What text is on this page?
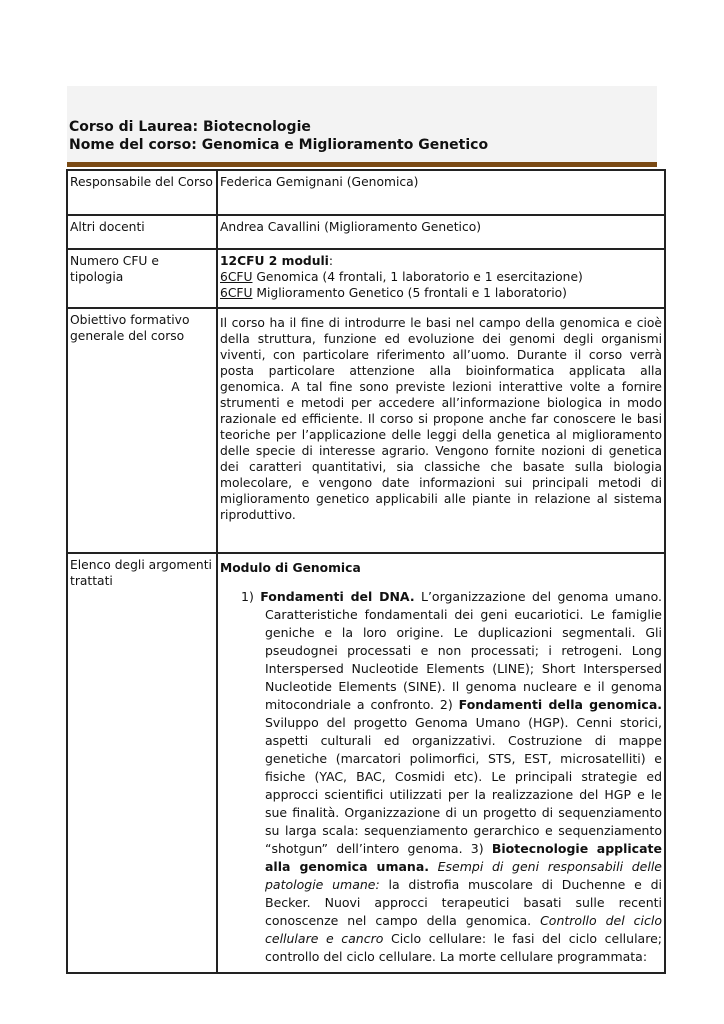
Corso di Laurea: Biotecnologie
Nome del corso: Genomica e Miglioramento Genetico
Responsabile del Corso	Federica Gemignani (Genomica)
Altri docenti	Andrea Cavallini (Miglioramento Genetico)
Numero CFU e tipologia	12CFU 2 moduli:
6CFU Genomica (4 frontali, 1 laboratorio e 1 esercitazione)
6CFU Miglioramento Genetico (5 frontali e 1 laboratorio)

Obiettivo formativo generale del corso	Il corso ha il fine di introdurre le basi nel campo della genomica e cioè della struttura, funzione ed evoluzione dei genomi degli organismi viventi, con particolare riferimento all’uomo. Durante il corso verrà posta particolare attenzione alla bioinformatica applicata alla genomica. A tal fine sono previste lezioni interattive volte a fornire strumenti e metodi per accedere all’informazione biologica in modo razionale ed efficiente. Il corso si propone anche far conoscere le basi teoriche per l’applicazione delle leggi della genetica al miglioramento delle specie di interesse agrario. Vengono fornite nozioni di genetica dei caratteri quantitativi, sia classiche che basate sulla biologia molecolare, e vengono date informazioni sui principali metodi di miglioramento genetico applicabili alle piante in relazione al sistema riproduttivo.
Elenco degli argomenti trattati	Modulo di Genomica
1) Fondamenti del DNA. L’organizzazione del genoma umano. Caratteristiche fondamentali dei geni eucariotici. Le famiglie geniche e la loro origine. Le duplicazioni segmentali. Gli pseudognei processati e non processati; i retrogeni. Long Interspersed Nucleotide Elements (LINE); Short Interspersed Nucleotide Elements (SINE). Il genoma nucleare e il genoma mitocondriale a confronto. 2) Fondamenti della genomica. Sviluppo del progetto Genoma Umano (HGP). Cenni storici, aspetti culturali ed organizzativi. Costruzione di mappe genetiche (marcatori polimorfici, STS, EST, microsatelliti) e fisiche (YAC, BAC, Cosmidi etc). Le principali strategie ed approcci scientifici utilizzati per la realizzazione del HGP e le sue finalità. Organizzazione di un progetto di sequenziamento su larga scala: sequenziamento gerarchico e sequenziamento “shotgun” dell’intero genoma. 3) Biotecnologie applicate alla genomica umana. Esempi di geni responsabili delle patologie umane: la distrofia muscolare di Duchenne e di Becker. Nuovi approcci terapeutici basati sulle recenti conoscenze nel campo della genomica. Controllo del ciclo cellulare e cancro Ciclo cellulare: le fasi del ciclo cellulare; controllo del ciclo cellulare. La morte cellulare programmata:
